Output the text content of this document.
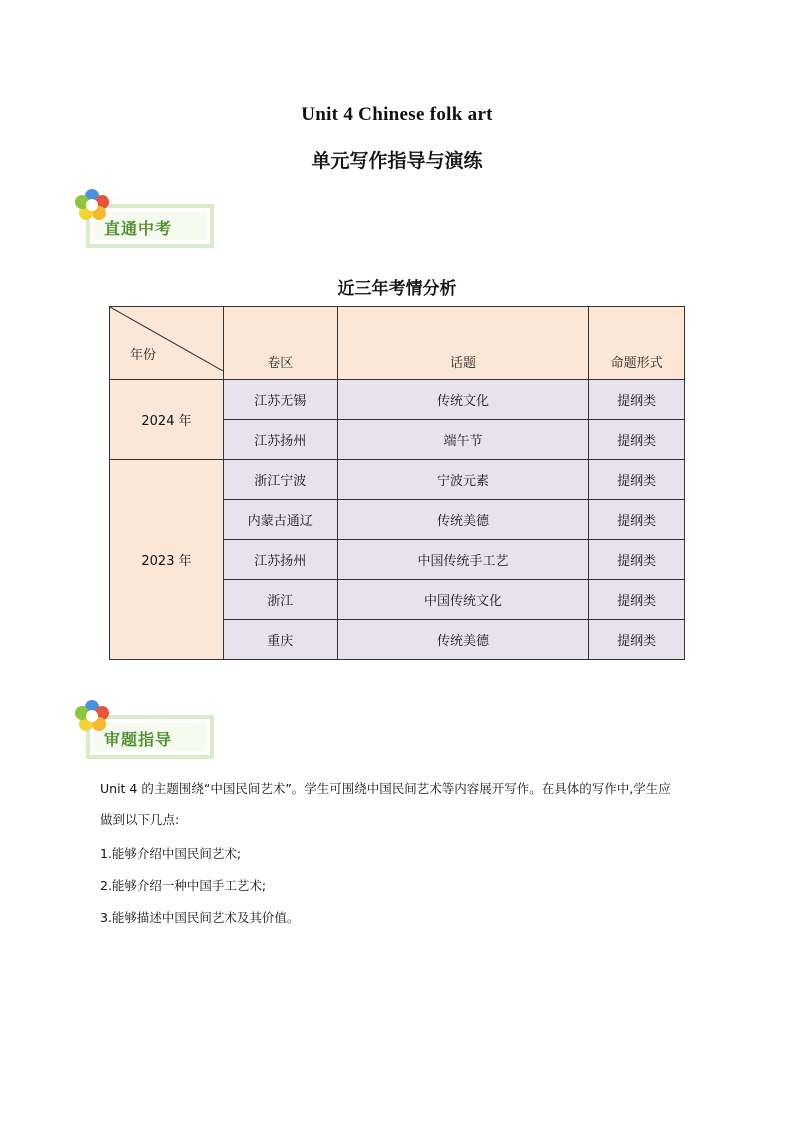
Unit 4 Chinese folk art
单元写作指导与演练
直通中考
近三年考情分析
年份	卷区	话题	命题形式
2024 年	江苏无锡	传统文化	提纲类
	江苏扬州	端午节	提纲类
2023 年	浙江宁波	宁波元素	提纲类
	内蒙古通辽	传统美德	提纲类
	江苏扬州	中国传统手工艺	提纲类
	浙江	中国传统文化	提纲类
	重庆	传统美德	提纲类
审题指导
Unit 4 的主题围绕“中国民间艺术”。学生可围绕中国民间艺术等内容展开写作。在具体的写作中,学生应
做到以下几点:
1.能够介绍中国民间艺术;
2.能够介绍一种中国手工艺术;
3.能够描述中国民间艺术及其价值。
